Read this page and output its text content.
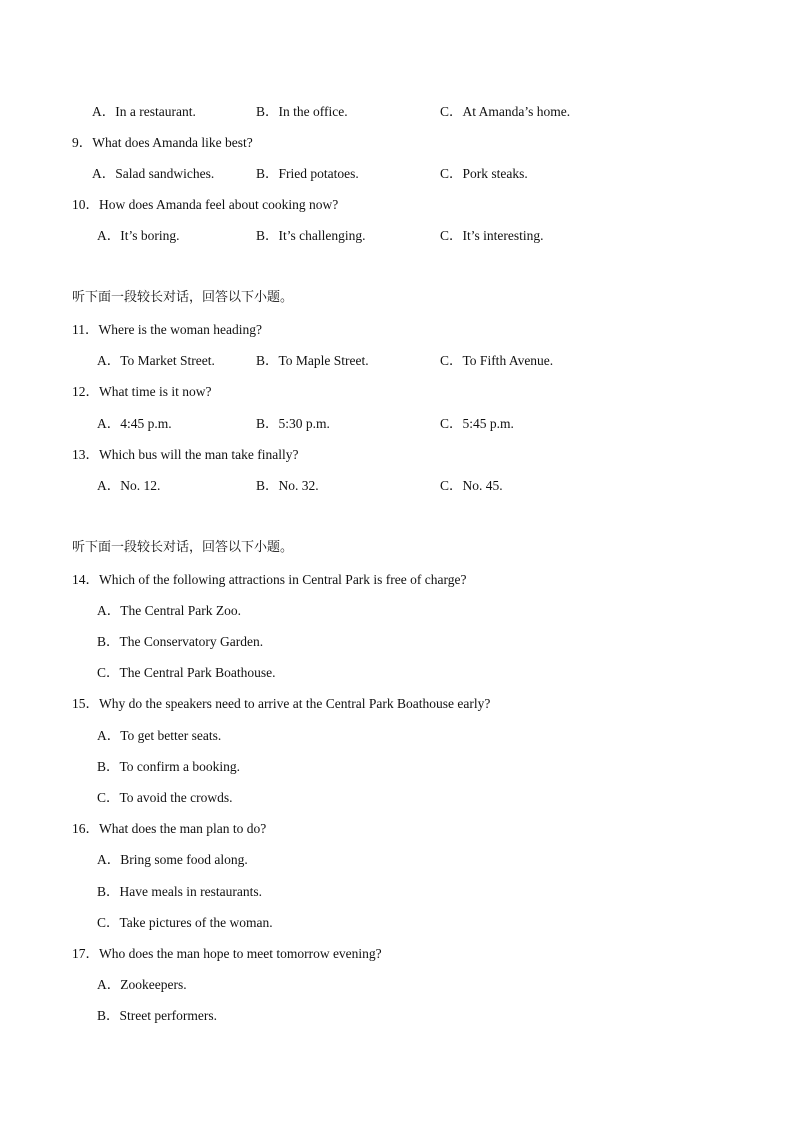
A．In a restaurant.	B．In the office.	C．At Amanda’s home.
9．What does Amanda like best?
A．Salad sandwiches.	B．Fried potatoes.	C．Pork steaks.
10．How does Amanda feel about cooking now?
A．It’s boring.	B．It’s challenging.	C．It’s interesting.
听下面一段较长对话，回答以下小题。
11．Where is the woman heading?
A．To Market Street.	B．To Maple Street.	C．To Fifth Avenue.
12．What time is it now?
A．4:45 p.m.	B．5:30 p.m.	C．5:45 p.m.
13．Which bus will the man take finally?
A．No. 12.	B．No. 32.	C．No. 45.
听下面一段较长对话，回答以下小题。
14．Which of the following attractions in Central Park is free of charge?
A．The Central Park Zoo.
B．The Conservatory Garden.
C．The Central Park Boathouse.
15．Why do the speakers need to arrive at the Central Park Boathouse early?
A．To get better seats.
B．To confirm a booking.
C．To avoid the crowds.
16．What does the man plan to do?
A．Bring some food along.
B．Have meals in restaurants.
C．Take pictures of the woman.
17．Who does the man hope to meet tomorrow evening?
A．Zookeepers.
B．Street performers.
